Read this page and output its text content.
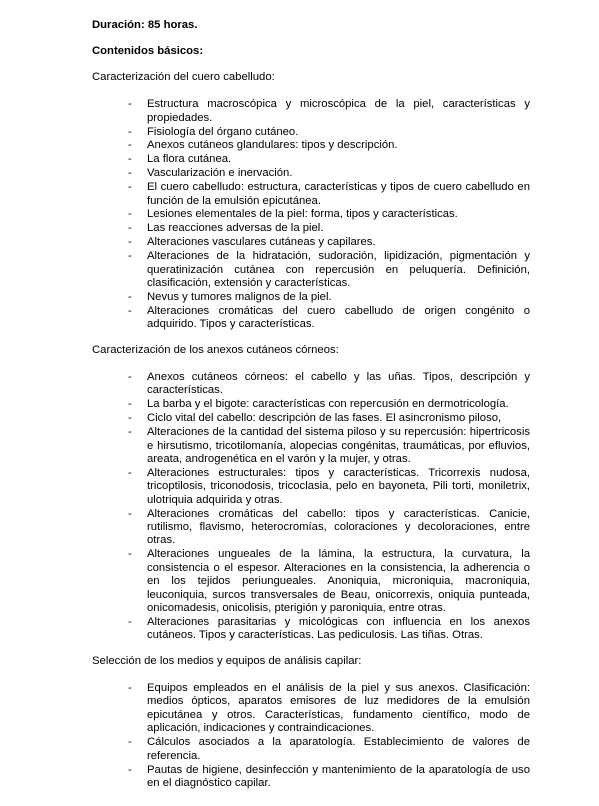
Duración: 85 horas.

Contenidos básicos:

Caracterización del cuero cabelludo:

- Estructura macroscópica y microscópica de la piel, características y propiedades.
- Fisiología del órgano cutáneo.
- Anexos cutáneos glandulares: tipos y descripción.
- La flora cutánea.
- Vascularización e inervación.
- El cuero cabelludo: estructura, características y tipos de cuero cabelludo en función de la emulsión epicutánea.
- Lesiones elementales de la piel: forma, tipos y características.
- Las reacciones adversas de la piel.
- Alteraciones vasculares cutáneas y capilares.
- Alteraciones de la hidratación, sudoración, lipidización, pigmentación y queratinización cutánea con repercusión en peluquería. Definición, clasificación, extensión y características.
- Nevus y tumores malignos de la piel.
- Alteraciones cromáticas del cuero cabelludo de origen congénito o adquirido. Tipos y características.

Caracterización de los anexos cutáneos córneos:

- Anexos cutáneos córneos: el cabello y las uñas. Tipos, descripción y características.
- La barba y el bigote: características con repercusión en dermotricología.
- Ciclo vital del cabello: descripción de las fases. El asincronismo piloso,
- Alteraciones de la cantidad del sistema piloso y su repercusión: hipertricosis e hirsutismo, tricotilomanía, alopecias congénitas, traumáticas, por efluvios, areata, androgenética en el varón y la mujer, y otras.
- Alteraciones estructurales: tipos y características. Tricorrexis nudosa, tricoptilosis, triconodosis, tricoclasia, pelo en bayoneta, Pili torti, moniletrix, ulotriquia adquirida y otras.
- Alteraciones cromáticas del cabello: tipos y características. Canicie, rutilismo, flavismo, heterocromías, coloraciones y decoloraciones, entre otras.
- Alteraciones ungueales de la lámina, la estructura, la curvatura, la consistencia o el espesor. Alteraciones en la consistencia, la adherencia o en los tejidos periungueales. Anoniquia, microniquia, macroniquia, leuconiquia, surcos transversales de Beau, onicorrexis, oniquia punteada, onicomadesis, onicolisis, pterigión y paroniquia, entre otras.
- Alteraciones parasitarias y micológicas con influencia en los anexos cutáneos. Tipos y características. Las pediculosis. Las tiñas. Otras.

Selección de los medios y equipos de análisis capilar:

- Equipos empleados en el análisis de la piel y sus anexos. Clasificación: medios ópticos, aparatos emisores de luz medidores de la emulsión epicutánea y otros. Características, fundamento científico, modo de aplicación, indicaciones y contraindicaciones.
- Cálculos asociados a la aparatología. Establecimiento de valores de referencia.
- Pautas de higiene, desinfección y mantenimiento de la aparatología de uso en el diagnóstico capilar.
